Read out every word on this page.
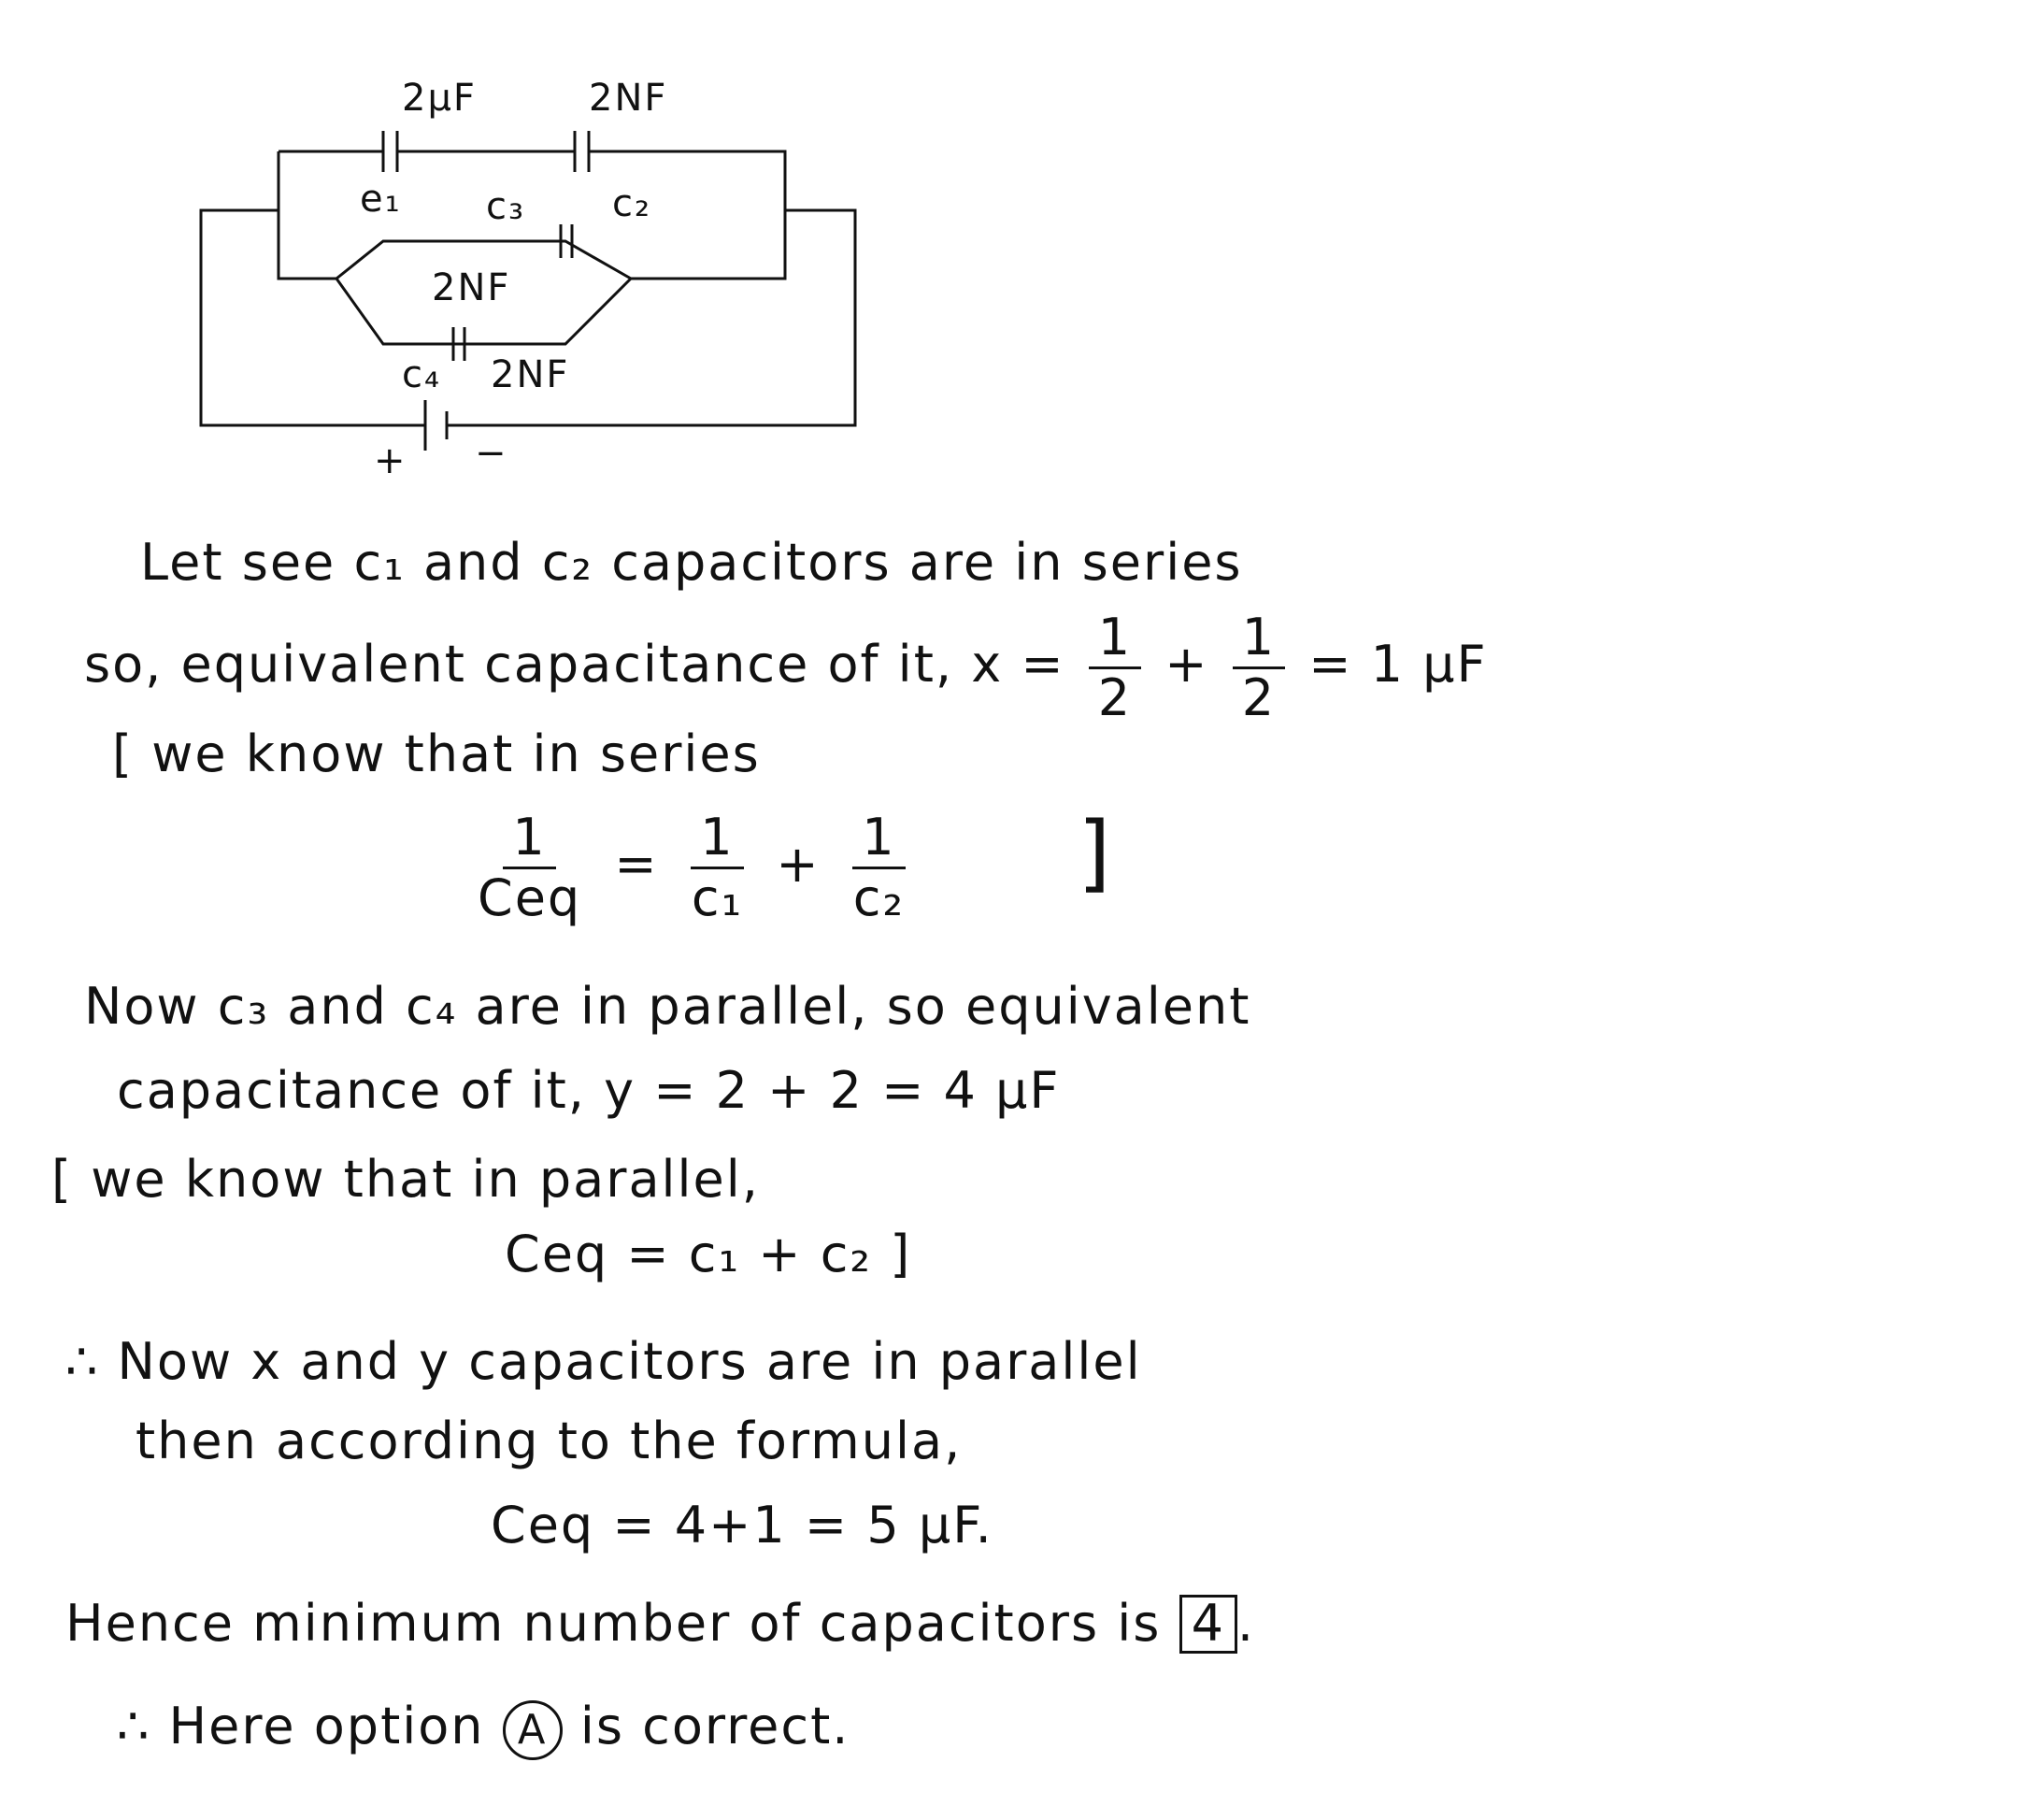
2μF	2NF
e₁ c₃ c₂
2NF
c₄ 2NF
+ −
Let see c₁ and c₂ capacitors are in series
so, equivalent capacitance of it, $x = \frac{1}{2} + \frac{1}{2} = 1$ μF
[ we know that in series
$\frac{1}{\text{Ceq}} = \frac{1}{\text{c₁}} + \frac{1}{\text{c₂}}$ ]
Now c₃ and c₄ are in parallel, so equivalent
capacitance of it, y = 2 + 2 = 4 μF
[ we know that in parallel,
Ceq = c₁ + c₂ ]
∴ Now x and y capacitors are in parallel
then according to the formula,
Ceq = 4+1 = 5 μF.
Hence minimum number of capacitors is 4 .
∴ Here option A is correct.
